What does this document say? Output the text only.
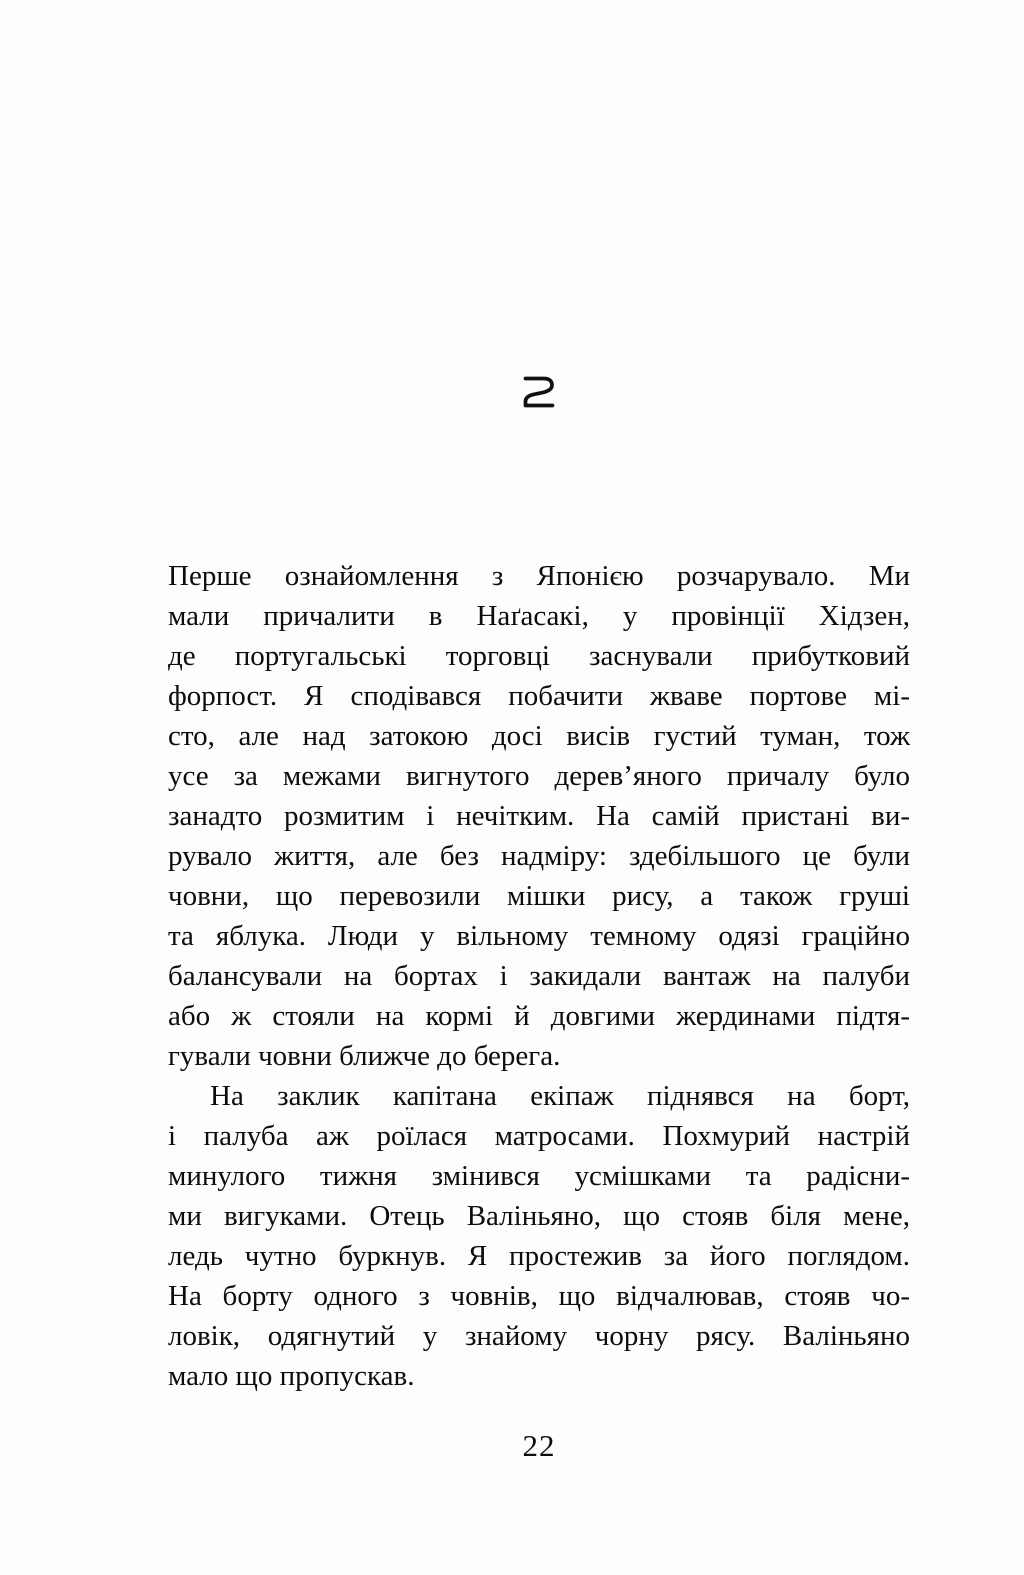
Перше ознайомлення з Японією розчарувало. Ми
мали причалити в Наґасакі, у провінції Хідзен,
де португальські торговці заснували прибутковий
форпост. Я сподівався побачити жваве портове мі-
сто, але над затокою досі висів густий туман, тож
усе за межами вигнутого дерев’яного причалу було
занадто розмитим і нечітким. На самій пристані ви-
рувало життя, але без надміру: здебільшого це були
човни, що перевозили мішки рису, а також груші
та яблука. Люди у вільному темному одязі граційно
балансували на бортах і закидали вантаж на палуби
або ж стояли на кормі й довгими жердинами підтя-
гували човни ближче до берега.
На заклик капітана екіпаж піднявся на борт,
і палуба аж роїлася матросами. Похмурий настрій
минулого тижня змінився усмішками та радісни-
ми вигуками. Отець Валіньяно, що стояв біля мене,
ледь чутно буркнув. Я простежив за його поглядом.
На борту одного з човнів, що відчалював, стояв чо-
ловік, одягнутий у знайому чорну рясу. Валіньяно
мало що пропускав.
22
